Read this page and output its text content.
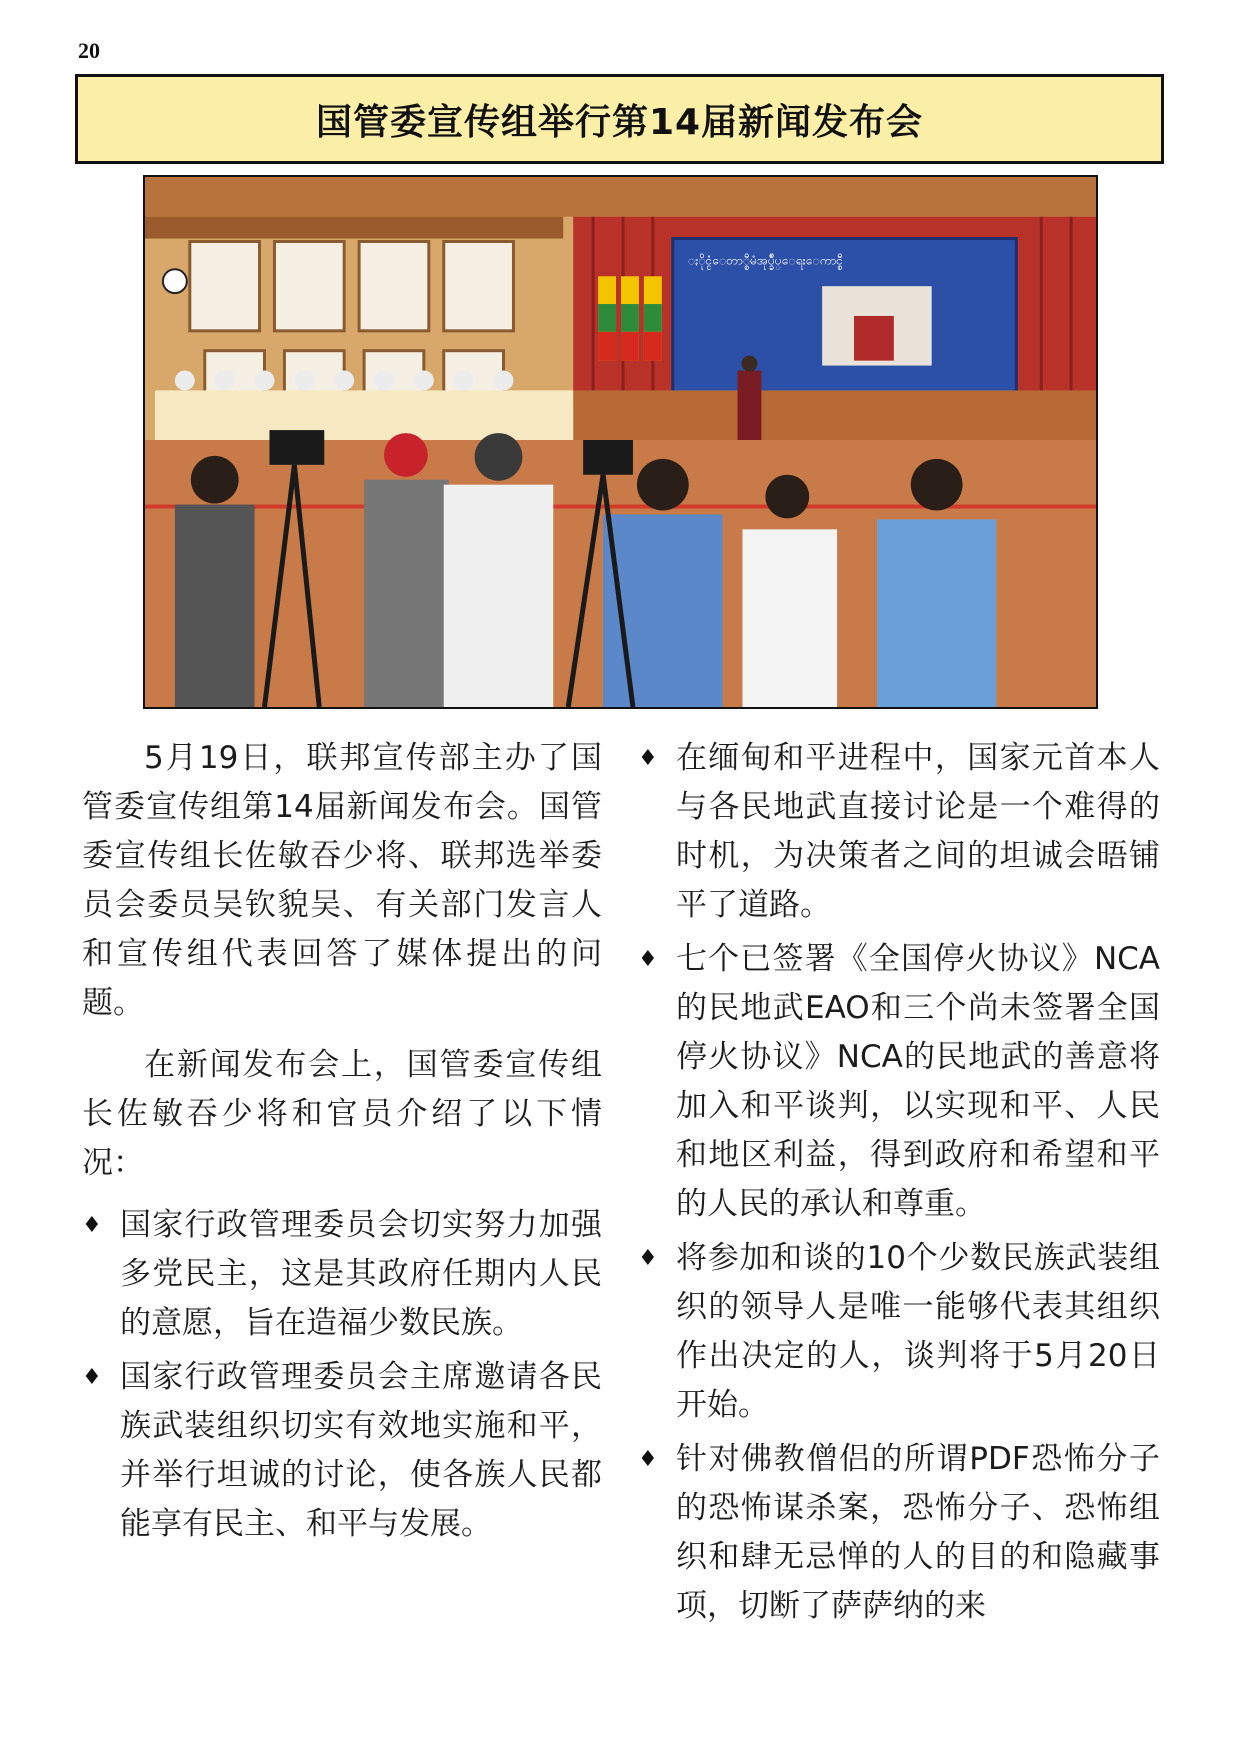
20
国管委宣传组举行第14届新闻发布会
ႏိုင္ငံေတာ္စီမံအုပ္ခ်ဳပ္ေရးေကာင္စီ

5月19日，联邦宣传部主办了国管委宣传组第14届新闻发布会。国管委宣传组长佐敏吞少将、联邦选举委员会委员吴钦貌吴、有关部门发言人和宣传组代表回答了媒体提出的问题。

在新闻发布会上，国管委宣传组长佐敏吞少将和官员介绍了以下情况：

♦ 国家行政管理委员会切实努力加强多党民主，这是其政府任期内人民的意愿，旨在造福少数民族。
♦ 国家行政管理委员会主席邀请各民族武装组织切实有效地实施和平，并举行坦诚的讨论，使各族人民都能享有民主、和平与发展。
♦ 在缅甸和平进程中，国家元首本人与各民地武直接讨论是一个难得的时机，为决策者之间的坦诚会晤铺平了道路。
♦ 七个已签署《全国停火协议》NCA的民地武EAO和三个尚未签署全国停火协议》NCA的民地武的善意将加入和平谈判，以实现和平、人民和地区利益，得到政府和希望和平的人民的承认和尊重。
♦ 将参加和谈的10个少数民族武装组织的领导人是唯一能够代表其组织作出决定的人，谈判将于5月20日开始。
♦ 针对佛教僧侣的所谓PDF恐怖分子的恐怖谋杀案，恐怖分子、恐怖组织和肆无忌惮的人的目的和隐藏事项，切断了萨萨纳的来
